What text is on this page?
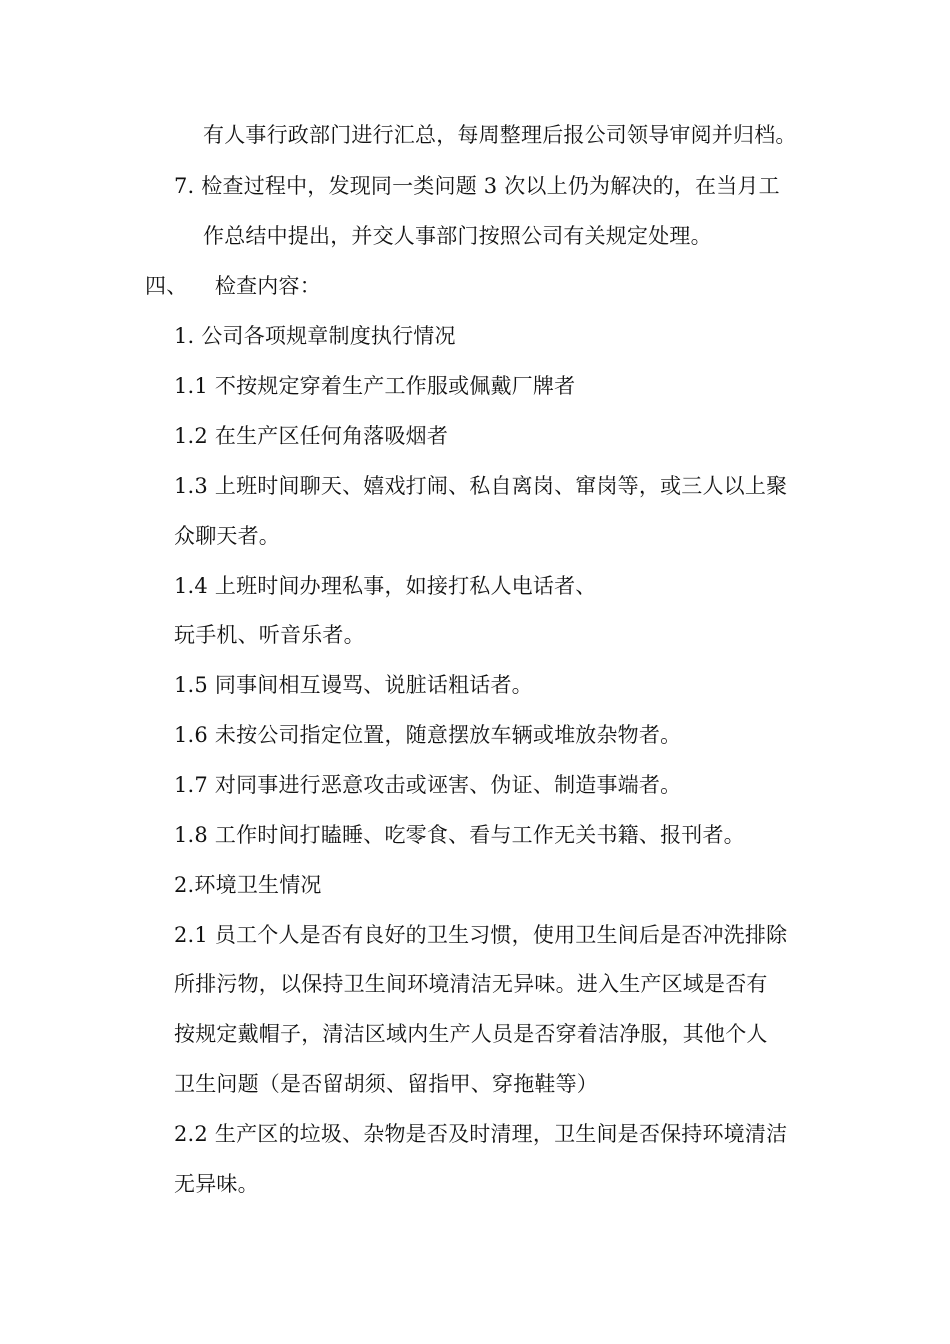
有人事行政部门进行汇总，每周整理后报公司领导审阅并归档。
7. 检查过程中，发现同一类问题 3 次以上仍为解决的，在当月工
作总结中提出，并交人事部门按照公司有关规定处理。
四、    检查内容：
1. 公司各项规章制度执行情况
1.1 不按规定穿着生产工作服或佩戴厂牌者
1.2 在生产区任何角落吸烟者
1.3 上班时间聊天、嬉戏打闹、私自离岗、窜岗等，或三人以上聚
众聊天者。
1.4 上班时间办理私事，如接打私人电话者、
玩手机、听音乐者。
1.5 同事间相互谩骂、说脏话粗话者。
1.6 未按公司指定位置，随意摆放车辆或堆放杂物者。
1.7 对同事进行恶意攻击或诬害、伪证、制造事端者。
1.8 工作时间打瞌睡、吃零食、看与工作无关书籍、报刊者。
2.环境卫生情况
2.1 员工个人是否有良好的卫生习惯，使用卫生间后是否冲洗排除
所排污物，以保持卫生间环境清洁无异味。进入生产区域是否有
按规定戴帽子，清洁区域内生产人员是否穿着洁净服，其他个人
卫生问题（是否留胡须、留指甲、穿拖鞋等）
2.2 生产区的垃圾、杂物是否及时清理，卫生间是否保持环境清洁
无异味。
